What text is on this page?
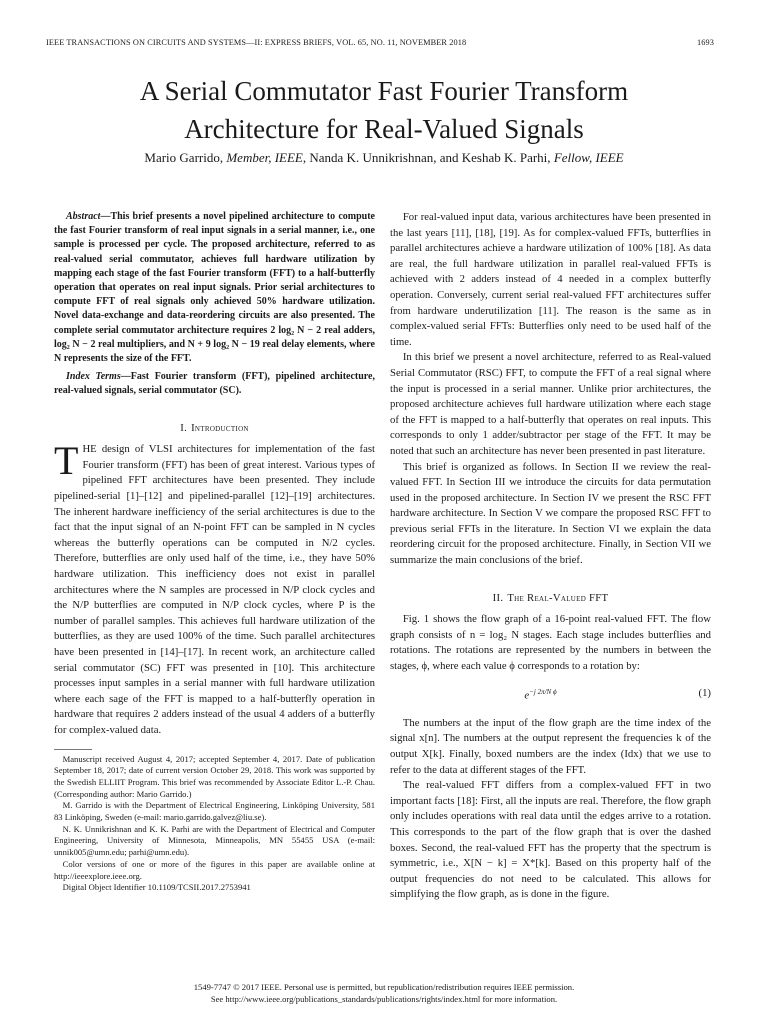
IEEE TRANSACTIONS ON CIRCUITS AND SYSTEMS—II: EXPRESS BRIEFS, VOL. 65, NO. 11, NOVEMBER 2018	1693
A Serial Commutator Fast Fourier Transform
Architecture for Real-Valued Signals
Mario Garrido, Member, IEEE, Nanda K. Unnikrishnan, and Keshab K. Parhi, Fellow, IEEE

Abstract—This brief presents a novel pipelined architecture to compute the fast Fourier transform of real input signals in a serial manner, i.e., one sample is processed per cycle. The proposed architecture, referred to as real-valued serial commutator, achieves full hardware utilization by mapping each stage of the fast Fourier transform (FFT) to a half-butterfly operation that operates on real input signals. Prior serial architectures to compute FFT of real signals only achieved 50% hardware utilization. Novel data-exchange and data-reordering circuits are also presented. The complete serial commutator architecture requires 2 log₂ N − 2 real adders, log₂ N − 2 real multipliers, and N + 9 log₂ N − 19 real delay elements, where N represents the size of the FFT.

Index Terms—Fast Fourier transform (FFT), pipelined architecture, real-valued signals, serial commutator (SC).

I. Introduction

THE design of VLSI architectures for implementation of the fast Fourier transform (FFT) has been of great interest. Various types of pipelined FFT architectures have been presented. They include pipelined-serial [1]–[12] and pipelined-parallel [12]–[19] architectures. The inherent hardware inefficiency of the serial architectures is due to the fact that the input signal of an N-point FFT can be sampled in N cycles whereas the butterfly operations can be computed in N/2 cycles. Therefore, butterflies are only used half of the time, i.e., they have 50% hardware utilization. This inefficiency does not exist in parallel architectures where the N samples are processed in N/P clock cycles and the N/P butterflies are computed in N/P clock cycles, where P is the number of parallel samples. This achieves full hardware utilization of the butterflies, as they are used 100% of the time. Such parallel architectures have been presented in [14]–[17]. In recent work, an architecture called serial commutator (SC) FFT was presented in [10]. This architecture processes input samples in a serial manner with full hardware utilization where each sage of the FFT is mapped to a half-butterfly operation in hardware that requires 2 adders instead of the usual 4 adders of a butterfly for complex-valued data.

Manuscript received August 4, 2017; accepted September 4, 2017. Date of publication September 18, 2017; date of current version October 29, 2018. This work was supported by the Swedish ELLIIT Program. This brief was recommended by Associate Editor L.-P. Chau. (Corresponding author: Mario Garrido.)

M. Garrido is with the Department of Electrical Engineering, Linköping University, 581 83 Linköping, Sweden (e-mail: mario.garrido.galvez@liu.se).

N. K. Unnikrishnan and K. K. Parhi are with the Department of Electrical and Computer Engineering, University of Minnesota, Minneapolis, MN 55455 USA (e-mail: unnik005@umn.edu; parhi@umn.edu).

Color versions of one or more of the figures in this paper are available online at http://ieeexplore.ieee.org.

Digital Object Identifier 10.1109/TCSII.2017.2753941

For real-valued input data, various architectures have been presented in the last years [11], [18], [19]. As for complex-valued FFTs, butterflies in parallel architectures achieve a hardware utilization of 100% [18]. As data are real, the full hardware utilization in parallel real-valued FFTs is achieved with 2 adders instead of 4 needed in a complex butterfly operation. Conversely, current serial real-valued FFT architectures suffer from hardware underutilization [11]. The reason is the same as in complex-valued serial FFTs: Butterflies only need to be used half of the time.

In this brief we present a novel architecture, referred to as Real-valued Serial Commutator (RSC) FFT, to compute the FFT of a real signal where the input is processed in a serial manner. Unlike prior architectures, the proposed architecture achieves full hardware utilization where each stage of the FFT is mapped to a half-butterfly that operates on real inputs. This corresponds to only 1 adder/subtractor per stage of the FFT. It may be noted that such an architecture has never been presented in past literature.

This brief is organized as follows. In Section II we review the real-valued FFT. In Section III we introduce the circuits for data permutation used in the proposed architecture. In Section IV we present the RSC FFT hardware architecture. In Section V we compare the proposed RSC FFT to previous serial FFTs in the literature. In Section VI we explain the data reordering circuit for the proposed architecture. Finally, in Section VII we summarize the main conclusions of the brief.

II. The Real-Valued FFT

Fig. 1 shows the flow graph of a 16-point real-valued FFT. The flow graph consists of n = log₂ N stages. Each stage includes butterflies and rotations. The rotations are represented by the numbers in between the stages, ϕ, where each value ϕ corresponds to a rotation by:

$e^{-j 2\pi/N \phi}$	(1)

The numbers at the input of the flow graph are the time index of the signal x[n]. The numbers at the output represent the frequencies k of the output X[k]. Finally, boxed numbers are the index (Idx) that we use to refer to the data at different stages of the FFT.

The real-valued FFT differs from a complex-valued FFT in two important facts [18]: First, all the inputs are real. Therefore, the flow graph only includes operations with real data until the edges arrive to a rotation. This corresponds to the part of the flow graph that is over the dashed boxes. Second, the real-valued FFT has the property that the spectrum is symmetric, i.e., X[N − k] = X*[k]. Based on this property half of the output frequencies do not need to be calculated. This allows for simplifying the flow graph, as is done in the figure.

1549-7747 © 2017 IEEE. Personal use is permitted, but republication/redistribution requires IEEE permission.
See http://www.ieee.org/publications_standards/publications/rights/index.html for more information.
